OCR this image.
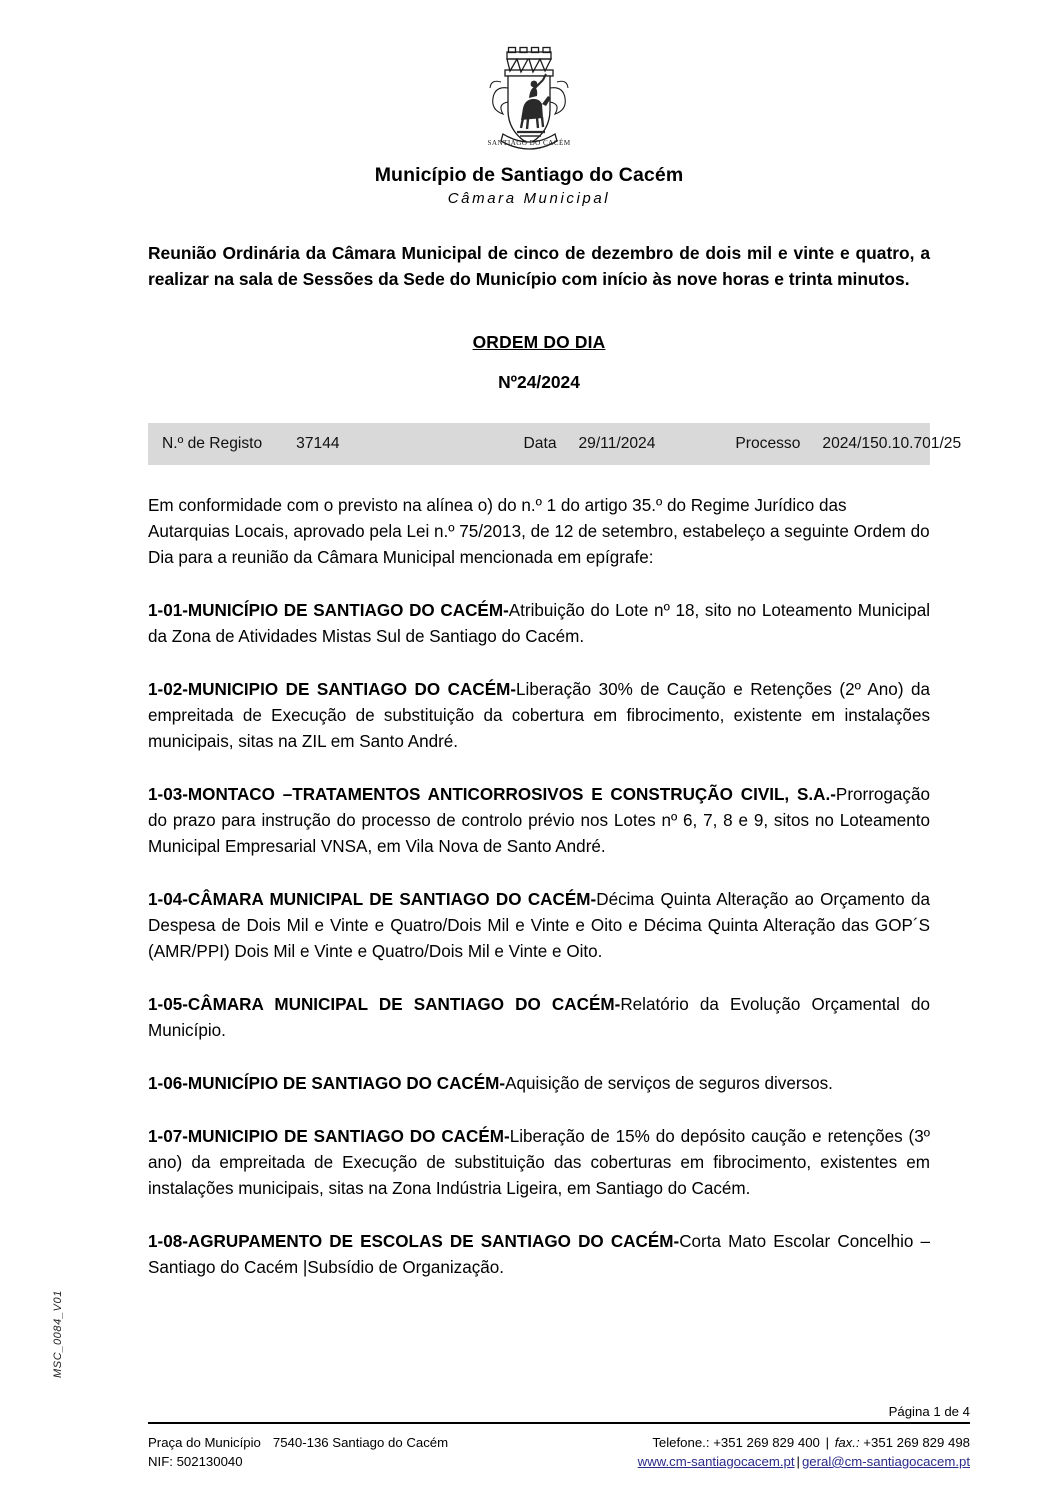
MSC_0084_V01
SANTIAGO DO CACÉM
Município de Santiago do Cacém
Câmara Municipal
Reunião Ordinária da Câmara Municipal de cinco de dezembro de dois mil e vinte e quatro, a realizar na sala de Sessões da Sede do Município com início às nove horas e trinta minutos.
ORDEM DO DIA
Nº24/2024
N.º de Registo 37144	Data 29/11/2024	Processo 2024/150.10.701/25

Em conformidade com o previsto na alínea o) do n.º 1 do artigo 35.º do Regime Jurídico das Autarquias Locais, aprovado pela Lei n.º 75/2013, de 12 de setembro, estabeleço a seguinte Ordem do Dia para a reunião da Câmara Municipal mencionada em epígrafe:

1-01-MUNICÍPIO DE SANTIAGO DO CACÉM-Atribuição do Lote nº 18, sito no Loteamento Municipal da Zona de Atividades Mistas Sul de Santiago do Cacém.

1-02-MUNICIPIO DE SANTIAGO DO CACÉM-Liberação 30% de Caução e Retenções (2º Ano) da empreitada de Execução de substituição da cobertura em fibrocimento, existente em instalações municipais, sitas na ZIL em Santo André.

1-03-MONTACO –TRATAMENTOS ANTICORROSIVOS E CONSTRUÇÃO CIVIL, S.A.-Prorrogação do prazo para instrução do processo de controlo prévio nos Lotes nº 6, 7, 8 e 9, sitos no Loteamento Municipal Empresarial VNSA, em Vila Nova de Santo André.

1-04-CÂMARA MUNICIPAL DE SANTIAGO DO CACÉM-Décima Quinta Alteração ao Orçamento da Despesa de Dois Mil e Vinte e Quatro/Dois Mil e Vinte e Oito e Décima Quinta Alteração das GOP´S (AMR/PPI) Dois Mil e Vinte e Quatro/Dois Mil e Vinte e Oito.

1-05-CÂMARA MUNICIPAL DE SANTIAGO DO CACÉM-Relatório da Evolução Orçamental do Município.

1-06-MUNICÍPIO DE SANTIAGO DO CACÉM-Aquisição de serviços de seguros diversos.

1-07-MUNICIPIO DE SANTIAGO DO CACÉM-Liberação de 15% do depósito caução e retenções (3º ano) da empreitada de Execução de substituição das coberturas em fibrocimento, existentes em instalações municipais, sitas na Zona Indústria Ligeira, em Santiago do Cacém.

1-08-AGRUPAMENTO DE ESCOLAS DE SANTIAGO DO CACÉM-Corta Mato Escolar Concelhio –Santiago do Cacém |Subsídio de Organização.

Página 1 de 4
Praça do Município 7540-136 Santiago do Cacém
NIF: 502130040
Telefone.: +351 269 829 400 | fax.: +351 269 829 498
www.cm-santiagocacem.pt | geral@cm-santiagocacem.pt
